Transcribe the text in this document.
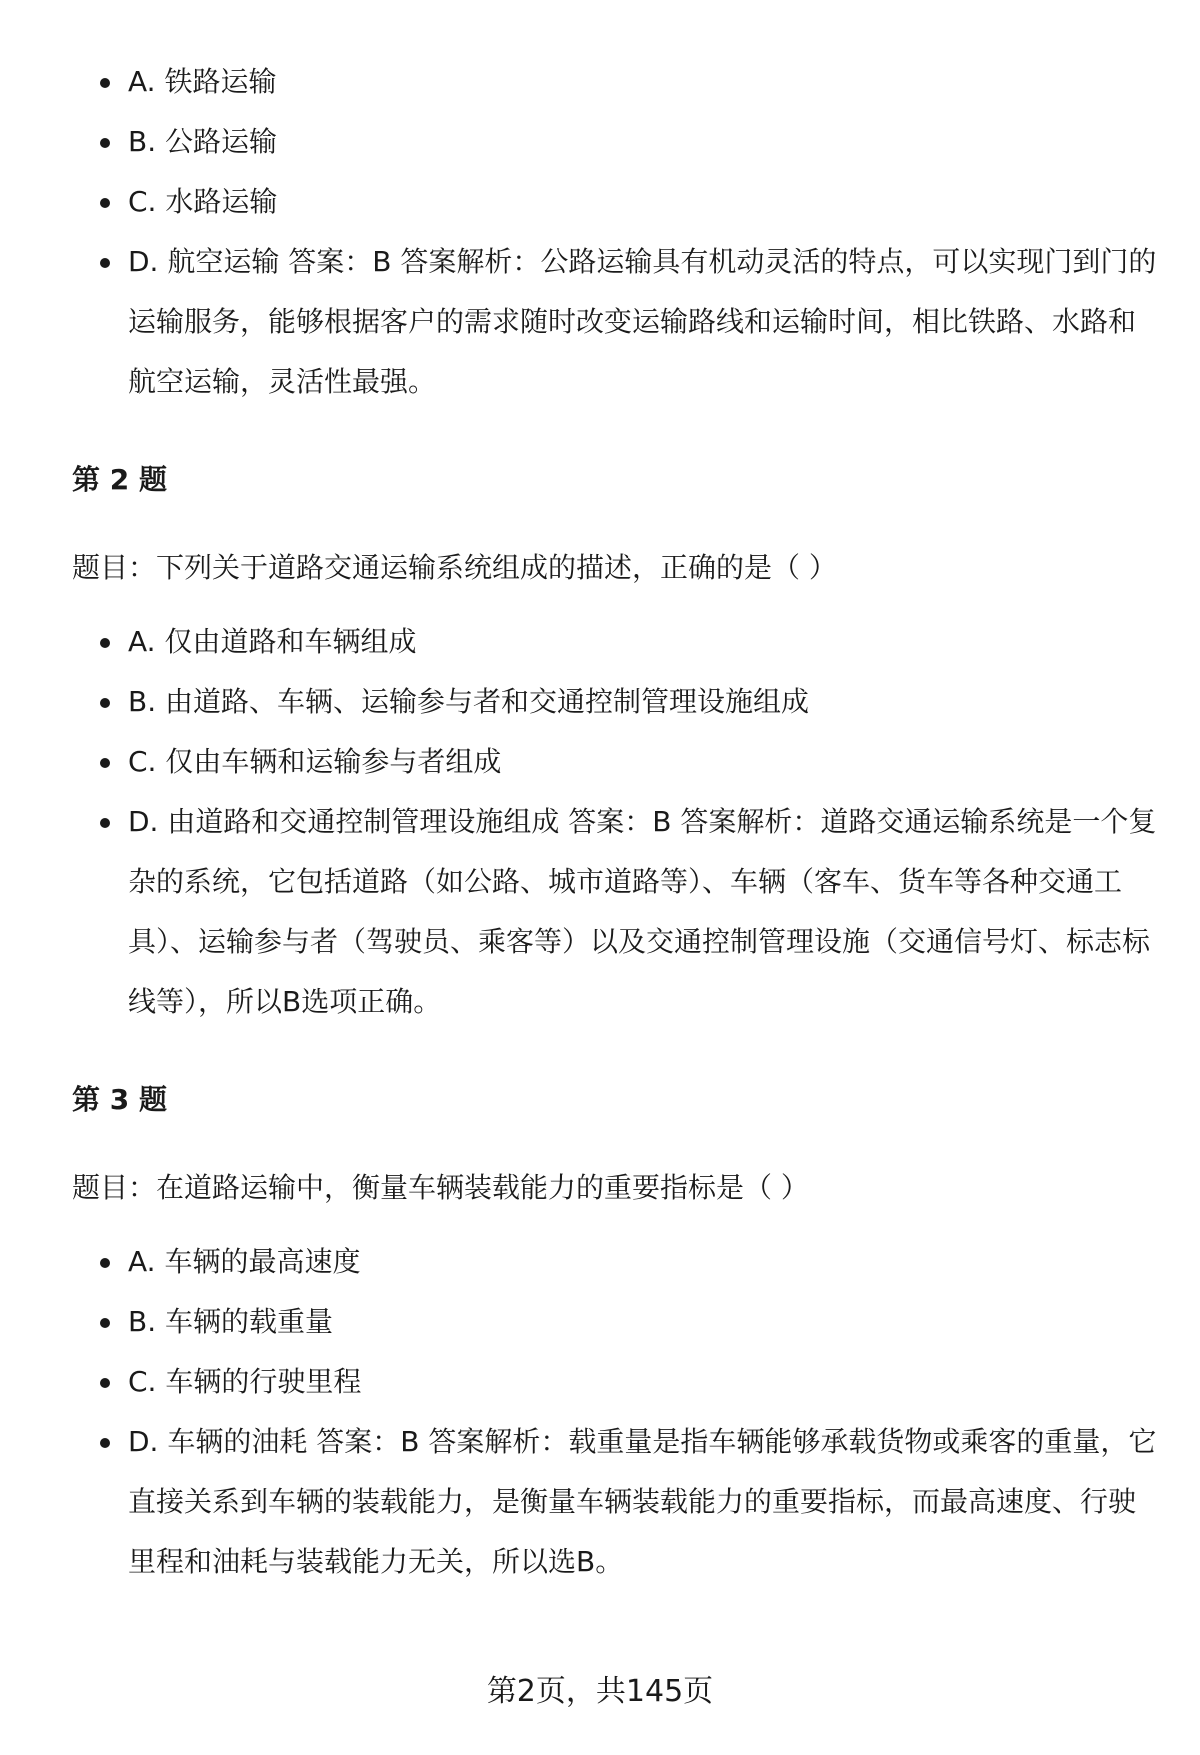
A. 铁路运输
B. 公路运输
C. 水路运输
D. 航空运输 答案：B 答案解析：公路运输具有机动灵活的特点，可以实现门到门的运输服务，能够根据客户的需求随时改变运输路线和运输时间，相比铁路、水路和航空运输，灵活性最强。
第 2 题
题目：下列关于道路交通运输系统组成的描述，正确的是（ ）
A. 仅由道路和车辆组成
B. 由道路、车辆、运输参与者和交通控制管理设施组成
C. 仅由车辆和运输参与者组成
D. 由道路和交通控制管理设施组成 答案：B 答案解析：道路交通运输系统是一个复杂的系统，它包括道路（如公路、城市道路等）、车辆（客车、货车等各种交通工具）、运输参与者（驾驶员、乘客等）以及交通控制管理设施（交通信号灯、标志标线等），所以B选项正确。
第 3 题
题目：在道路运输中，衡量车辆装载能力的重要指标是（ ）
A. 车辆的最高速度
B. 车辆的载重量
C. 车辆的行驶里程
D. 车辆的油耗 答案：B 答案解析：载重量是指车辆能够承载货物或乘客的重量，它直接关系到车辆的装载能力，是衡量车辆装载能力的重要指标，而最高速度、行驶里程和油耗与装载能力无关，所以选B。
第2页，共145页
